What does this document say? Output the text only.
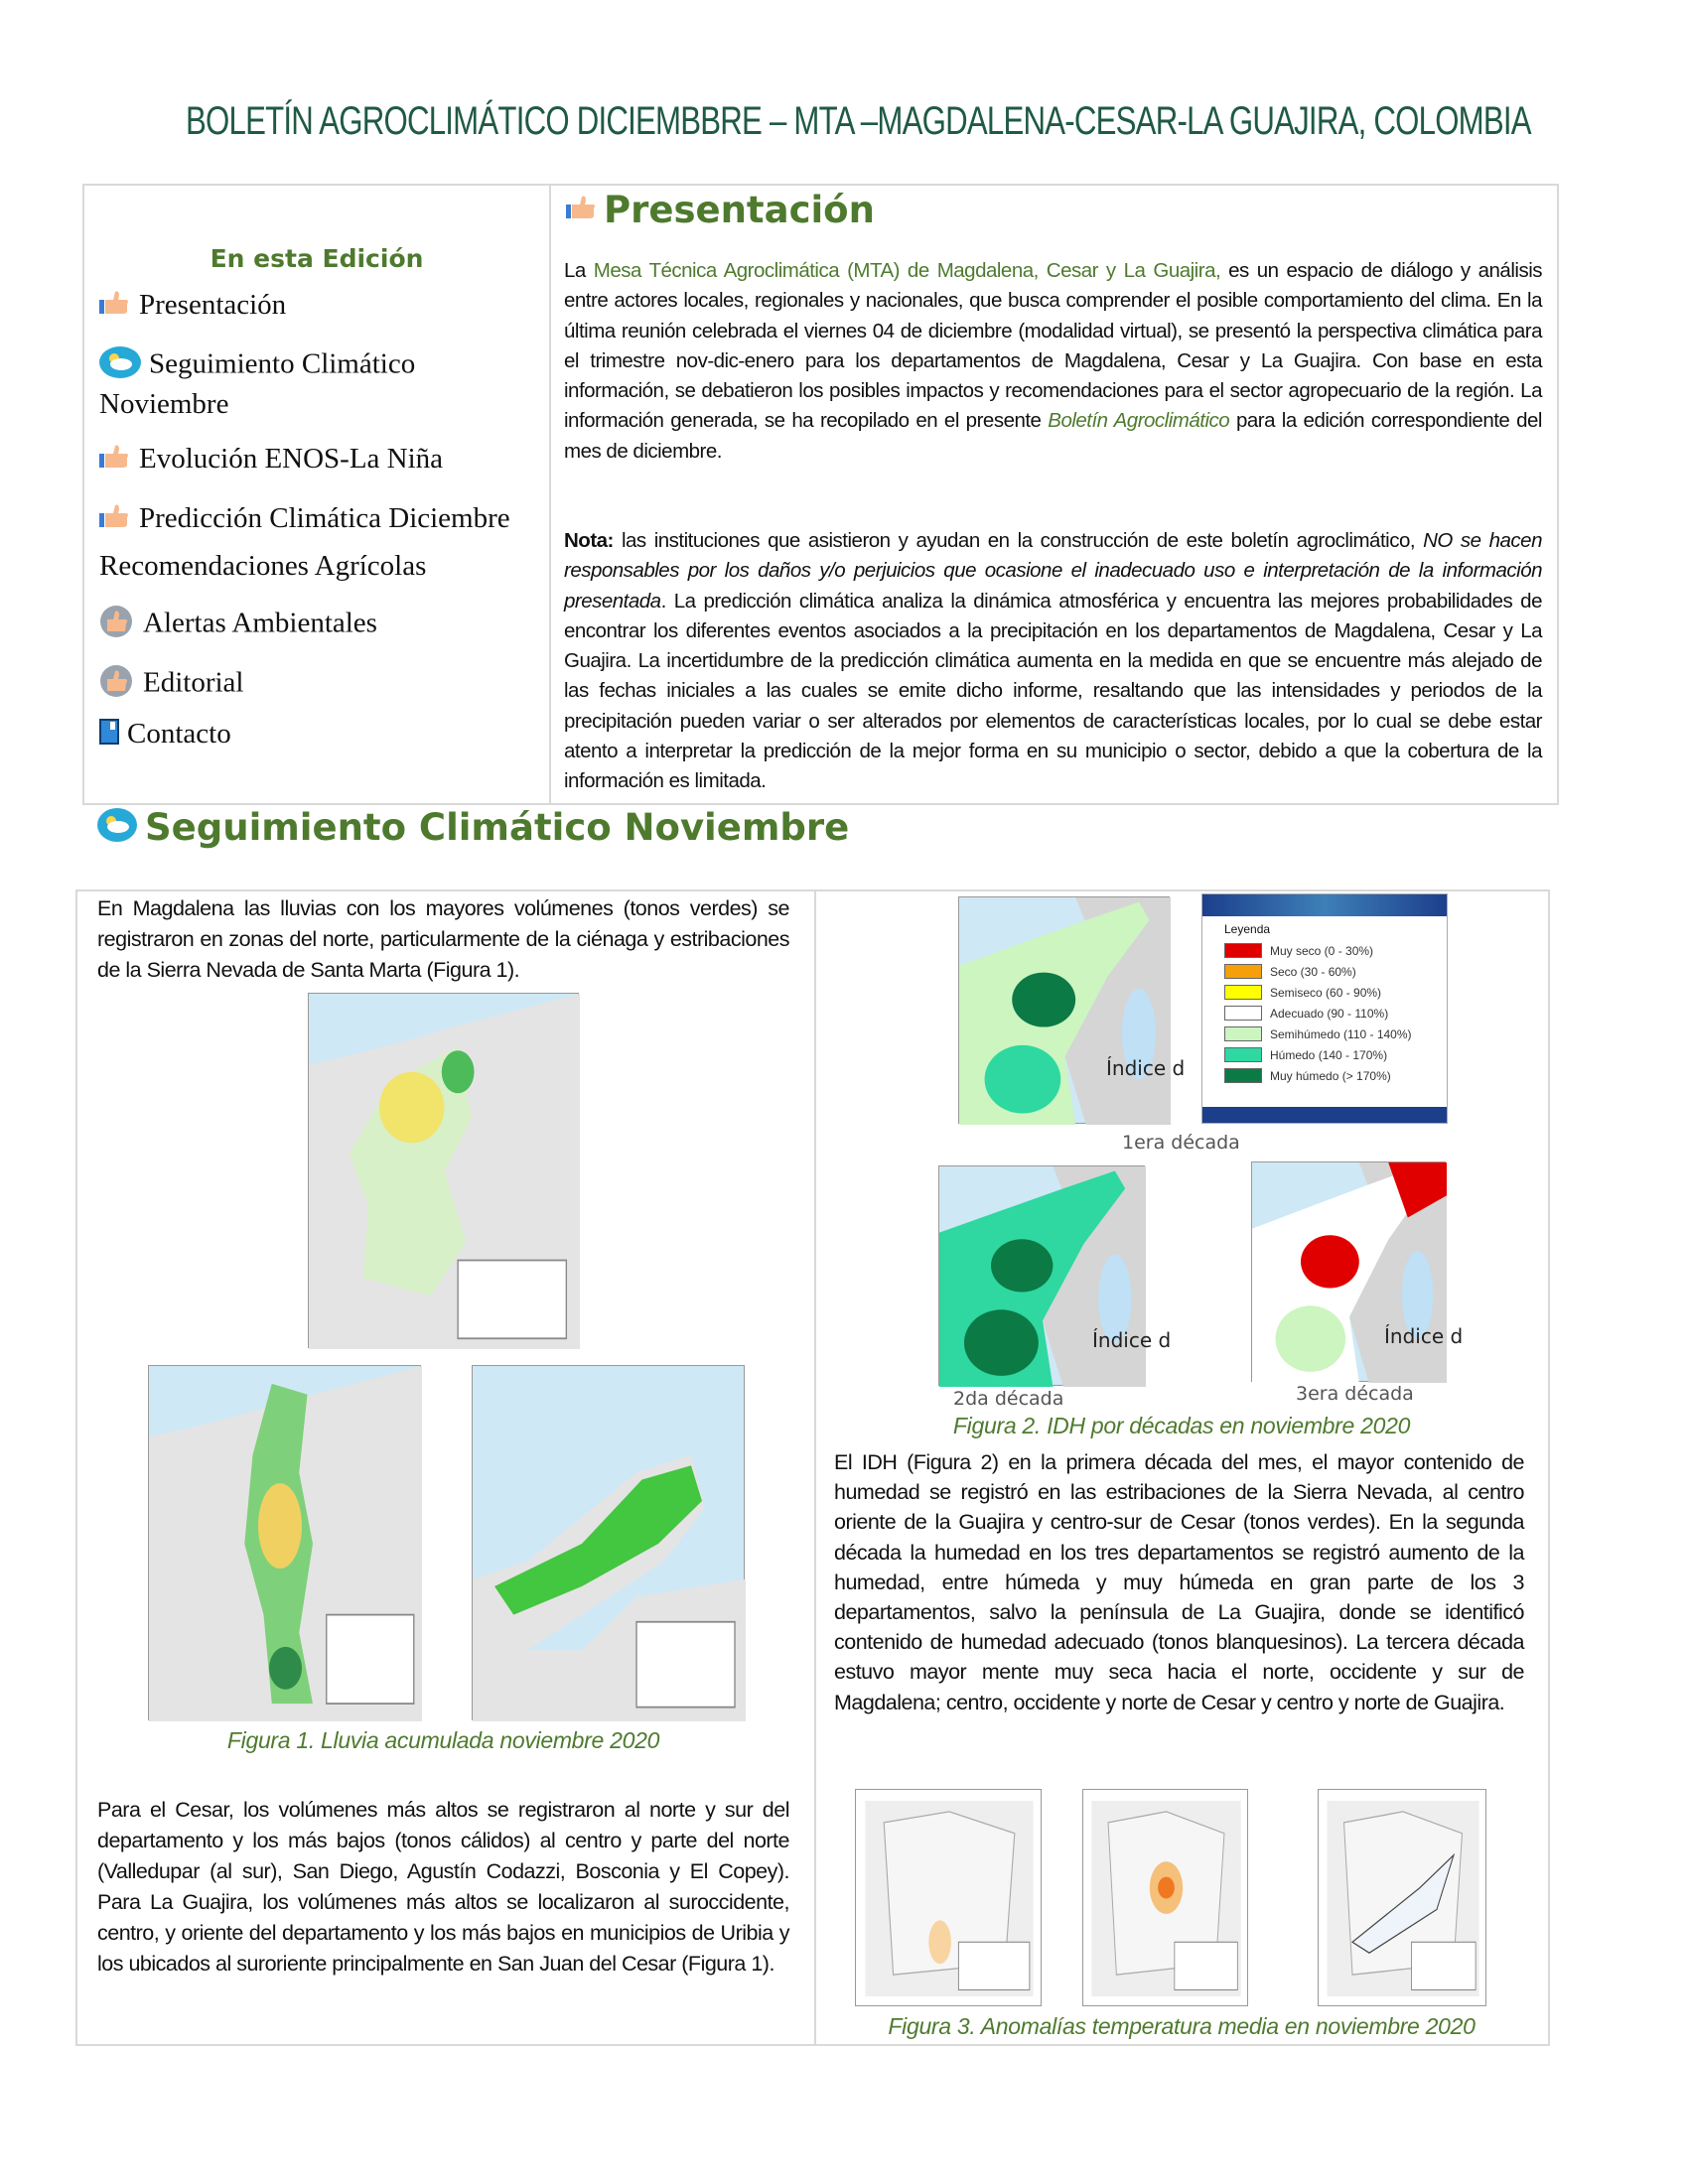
BOLETÍN AGROCLIMÁTICO DICIEMBBRE – MTA –MAGDALENA-CESAR-LA GUAJIRA, COLOMBIA
En esta Edición
Presentación
Seguimiento Climático Noviembre
Evolución ENOS-La Niña
Predicción Climática Diciembre
Recomendaciones Agrícolas
Alertas Ambientales
Editorial
Contacto
Presentación
La Mesa Técnica Agroclimática (MTA) de Magdalena, Cesar y La Guajira, es un espacio de diálogo y análisis entre actores locales, regionales y nacionales, que busca comprender el posible comportamiento del clima. En la última reunión celebrada el viernes 04 de diciembre (modalidad virtual), se presentó la perspectiva climática para el trimestre nov-dic-enero para los departamentos de Magdalena, Cesar y La Guajira. Con base en esta información, se debatieron los posibles impactos y recomendaciones para el sector agropecuario de la región. La información generada, se ha recopilado en el presente Boletín Agroclimático para la edición correspondiente del mes de diciembre.
Nota: las instituciones que asistieron y ayudan en la construcción de este boletín agroclimático, NO se hacen responsables por los daños y/o perjuicios que ocasione el inadecuado uso e interpretación de la información presentada. La predicción climática analiza la dinámica atmosférica y encuentra las mejores probabilidades de encontrar los diferentes eventos asociados a la precipitación en los departamentos de Magdalena, Cesar y La Guajira. La incertidumbre de la predicción climática aumenta en la medida en que se encuentre más alejado de las fechas iniciales a las cuales se emite dicho informe, resaltando que las intensidades y periodos de la precipitación pueden variar o ser alterados por elementos de características locales, por lo cual se debe estar atento a interpretar la predicción de la mejor forma en su municipio o sector, debido a que la cobertura de la información es limitada.
Seguimiento Climático Noviembre
En Magdalena las lluvias con los mayores volúmenes (tonos verdes) se registraron en zonas del norte, particularmente de la ciénaga y estribaciones de la Sierra Nevada de Santa Marta (Figura 1).
Figura 1. Lluvia acumulada noviembre 2020
Para el Cesar, los volúmenes más altos se registraron al norte y sur del departamento y los más bajos (tonos cálidos) al centro y parte del norte (Valledupar (al sur), San Diego, Agustín Codazzi, Bosconia y El Copey). Para La Guajira, los volúmenes más altos se localizaron al suroccidente, centro, y oriente del departamento y los más bajos en municipios de Uribia y los ubicados al suroriente principalmente en San Juan del Cesar (Figura 1).
Índice d
Índice d	Índice d
Leyenda
Muy seco (0 - 30%)
Seco (30 - 60%)
Semiseco (60 - 90%)
Adecuado (90 - 110%)
Semihúmedo (110 - 140%)
Húmedo (140 - 170%)
Muy húmedo (> 170%)
1era década
2da década	3era década
Figura 2. IDH por décadas en noviembre 2020
El IDH (Figura 2) en la primera década del mes, el mayor contenido de humedad se registró en las estribaciones de la Sierra Nevada, al centro oriente de la Guajira y centro-sur de Cesar (tonos verdes). En la segunda década la humedad en los tres departamentos se registró aumento de la humedad, entre húmeda y muy húmeda en gran parte de los 3 departamentos, salvo la península de La Guajira, donde se identificó contenido de humedad adecuado (tonos blanquesinos). La tercera década estuvo mayor mente muy seca hacia el norte, occidente y sur de Magdalena; centro, occidente y norte de Cesar y centro y norte de Guajira.
Figura 3. Anomalías temperatura media en noviembre 2020
